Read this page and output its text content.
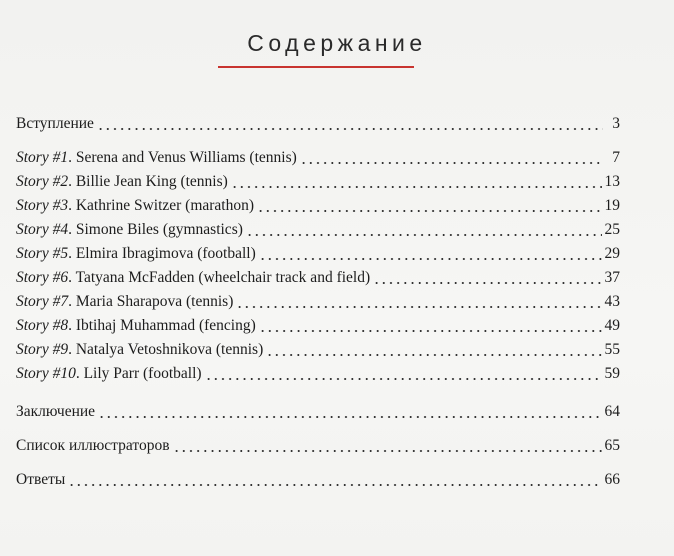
Содержание
Вступление	3
Story #1. Serena and Venus Williams (tennis)	7
Story #2. Billie Jean King (tennis)	13
Story #3. Kathrine Switzer (marathon)	19
Story #4. Simone Biles (gymnastics)	25
Story #5. Elmira Ibragimova (football)	29
Story #6. Tatyana McFadden (wheelchair track and field)	37
Story #7. Maria Sharapova (tennis)	43
Story #8. Ibtihaj Muhammad (fencing)	49
Story #9. Natalya Vetoshnikova (tennis)	55
Story #10. Lily Parr (football)	59
Заключение	64
Список иллюстраторов	65
Ответы	66
